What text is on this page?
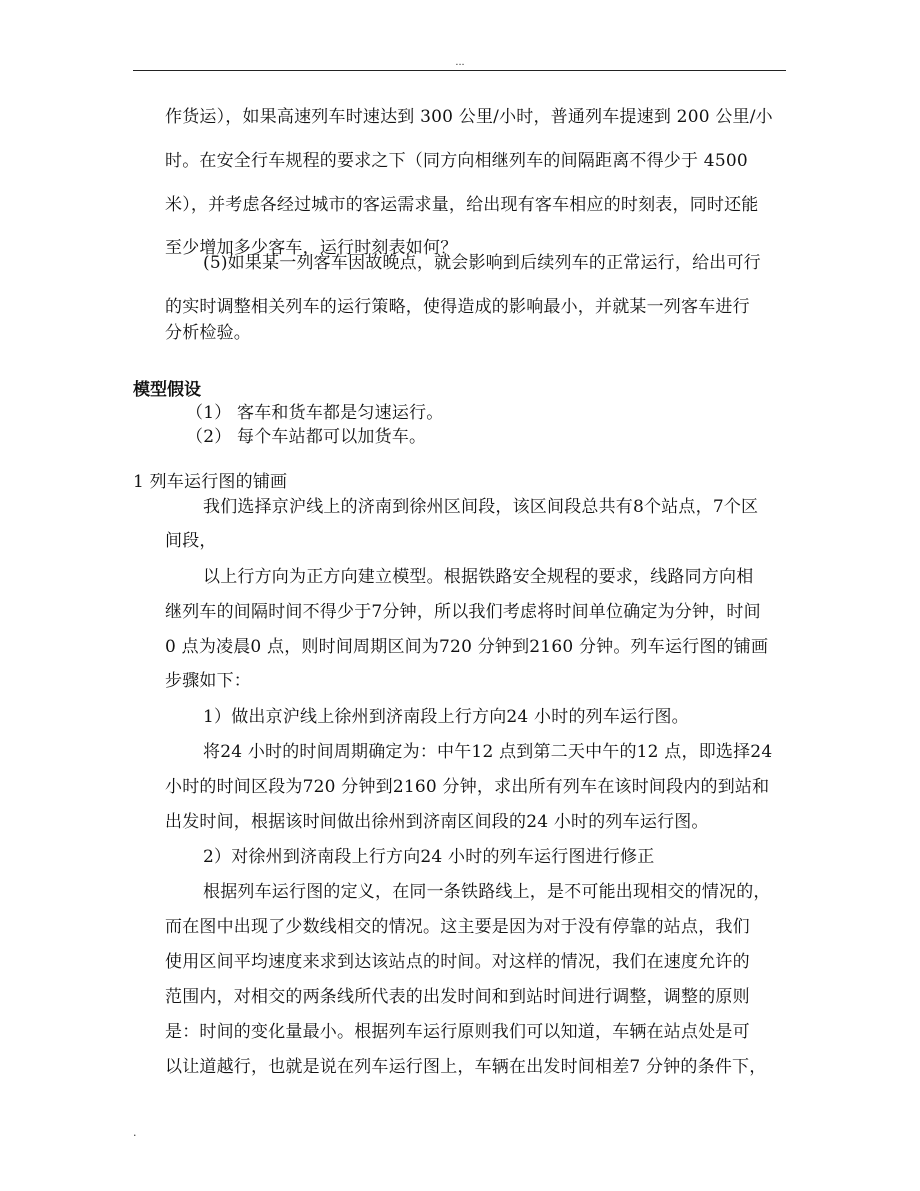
...
作货运），如果高速列车时速达到 300 公里/小时，普通列车提速到 200 公里/小
时。在安全行车规程的要求之下（同方向相继列车的间隔距离不得少于 4500
米），并考虑各经过城市的客运需求量，给出现有客车相应的时刻表，同时还能
至少增加多少客车，运行时刻表如何？
(5)如果某一列客车因故晚点，就会影响到后续列车的正常运行，给出可行
的实时调整相关列车的运行策略，使得造成的影响最小，并就某一列客车进行
分析检验。
模型假设
（1） 客车和货车都是匀速运行。
（2） 每个车站都可以加货车。
1 列车运行图的铺画
我们选择京沪线上的济南到徐州区间段，该区间段总共有8个站点，7个区
间段，
以上行方向为正方向建立模型。根据铁路安全规程的要求，线路同方向相
继列车的间隔时间不得少于7分钟，所以我们考虑将时间单位确定为分钟，时间
0 点为凌晨0 点，则时间周期区间为720 分钟到2160 分钟。列车运行图的铺画
步骤如下：
1）做出京沪线上徐州到济南段上行方向24 小时的列车运行图。
将24 小时的时间周期确定为：中午12 点到第二天中午的12 点，即选择24
小时的时间区段为720 分钟到2160 分钟，求出所有列车在该时间段内的到站和
出发时间，根据该时间做出徐州到济南区间段的24 小时的列车运行图。
2）对徐州到济南段上行方向24 小时的列车运行图进行修正
根据列车运行图的定义，在同一条铁路线上，是不可能出现相交的情况的，
而在图中出现了少数线相交的情况。这主要是因为对于没有停靠的站点，我们
使用区间平均速度来求到达该站点的时间。对这样的情况，我们在速度允许的
范围内，对相交的两条线所代表的出发时间和到站时间进行调整，调整的原则
是：时间的变化量最小。根据列车运行原则我们可以知道，车辆在站点处是可
以让道越行，也就是说在列车运行图上，车辆在出发时间相差7 分钟的条件下，
.
